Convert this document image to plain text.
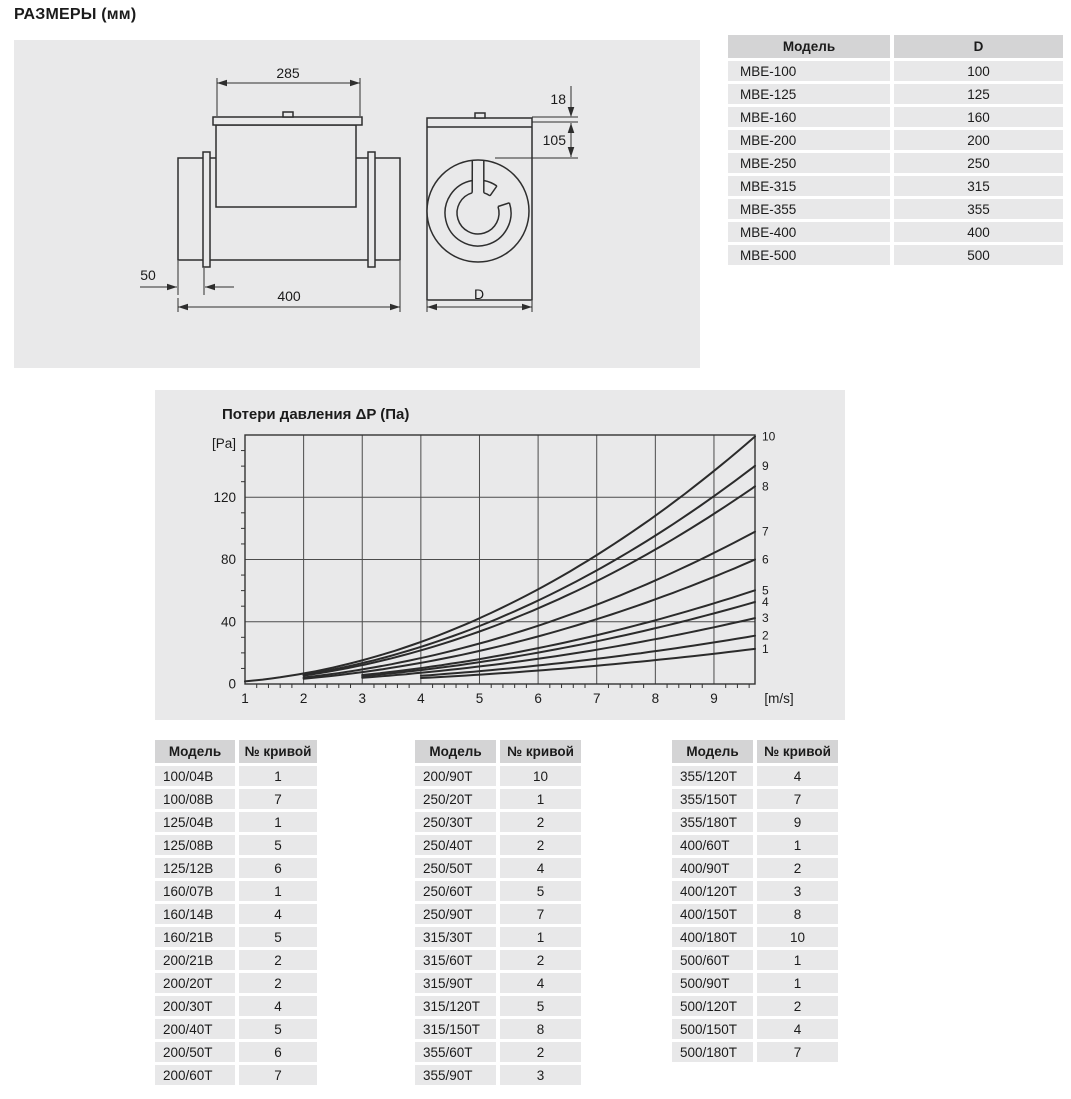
РАЗМЕРЫ (мм)
285
50
400
18
105
D
Модель		D
МВЕ-100		100
МВЕ-125		125
МВЕ-160		160
МВЕ-200		200
МВЕ-250		250
МВЕ-315		315
МВЕ-355		355
МВЕ-400		400
МВЕ-500		500
Потери давления ΔP (Па)
1	2	3	4	5	6	7	8	9
0
40
80
120
[m/s]
[Pa]
1
2
3
4
5
6
7
8
9
10
Модель		№ кривой
100/04В		1
100/08В		7
125/04В		1
125/08В		5
125/12В		6
160/07В		1
160/14В		4
160/21В		5
200/21В		2
200/20Т		2
200/30Т		4
200/40Т		5
200/50Т		6
200/60Т		7
Модель		№ кривой
200/90Т		10
250/20Т		1
250/30Т		2
250/40Т		2
250/50Т		4
250/60Т		5
250/90Т		7
315/30Т		1
315/60Т		2
315/90Т		4
315/120Т		5
315/150Т		8
355/60Т		2
355/90Т		3
Модель		№ кривой
355/120Т		4
355/150Т		7
355/180Т		9
400/60Т		1
400/90Т		2
400/120Т		3
400/150Т		8
400/180Т		10
500/60Т		1
500/90Т		1
500/120Т		2
500/150Т		4
500/180Т		7
